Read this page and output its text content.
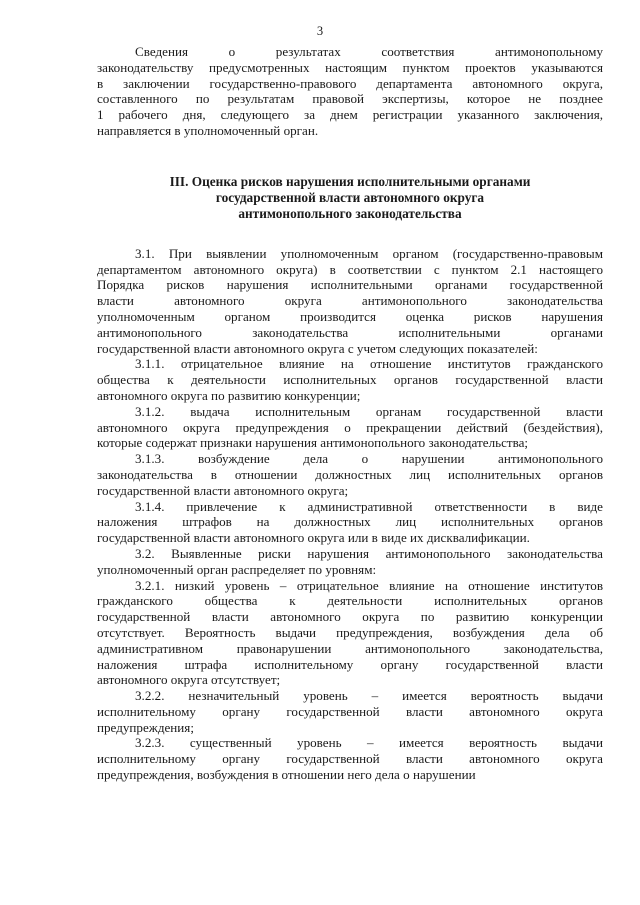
3
Сведения о результатах соответствия антимонопольному
законодательству предусмотренных настоящим пунктом проектов указываются
в заключении государственно-правового департамента автономного округа,
составленного по результатам правовой экспертизы, которое не позднее
1 рабочего дня, следующего за днем регистрации указанного заключения,
направляется в уполномоченный орган.
III. Оценка рисков нарушения исполнительными органами
государственной власти автономного округа
антимонопольного законодательства
3.1. При выявлении уполномоченным органом (государственно-правовым
департаментом автономного округа) в соответствии с пунктом 2.1 настоящего
Порядка рисков нарушения исполнительными органами государственной
власти автономного округа антимонопольного законодательства
уполномоченным органом производится оценка рисков нарушения
антимонопольного законодательства исполнительными органами
государственной власти автономного округа с учетом следующих показателей:
3.1.1. отрицательное влияние на отношение институтов гражданского
общества к деятельности исполнительных органов государственной власти
автономного округа по развитию конкуренции;
3.1.2. выдача исполнительным органам государственной власти
автономного округа предупреждения о прекращении действий (бездействия),
которые содержат признаки нарушения антимонопольного законодательства;
3.1.3. возбуждение дела о нарушении антимонопольного
законодательства в отношении должностных лиц исполнительных органов
государственной власти автономного округа;
3.1.4. привлечение к административной ответственности в виде
наложения штрафов на должностных лиц исполнительных органов
государственной власти автономного округа или в виде их дисквалификации.
3.2. Выявленные риски нарушения антимонопольного законодательства
уполномоченный орган распределяет по уровням:
3.2.1. низкий уровень – отрицательное влияние на отношение институтов
гражданского общества к деятельности исполнительных органов
государственной власти автономного округа по развитию конкуренции
отсутствует. Вероятность выдачи предупреждения, возбуждения дела об
административном правонарушении антимонопольного законодательства,
наложения штрафа исполнительному органу государственной власти
автономного округа отсутствует;
3.2.2. незначительный уровень – имеется вероятность выдачи
исполнительному органу государственной власти автономного округа
предупреждения;
3.2.3. существенный уровень – имеется вероятность выдачи
исполнительному органу государственной власти автономного округа
предупреждения, возбуждения в отношении него дела о нарушении
